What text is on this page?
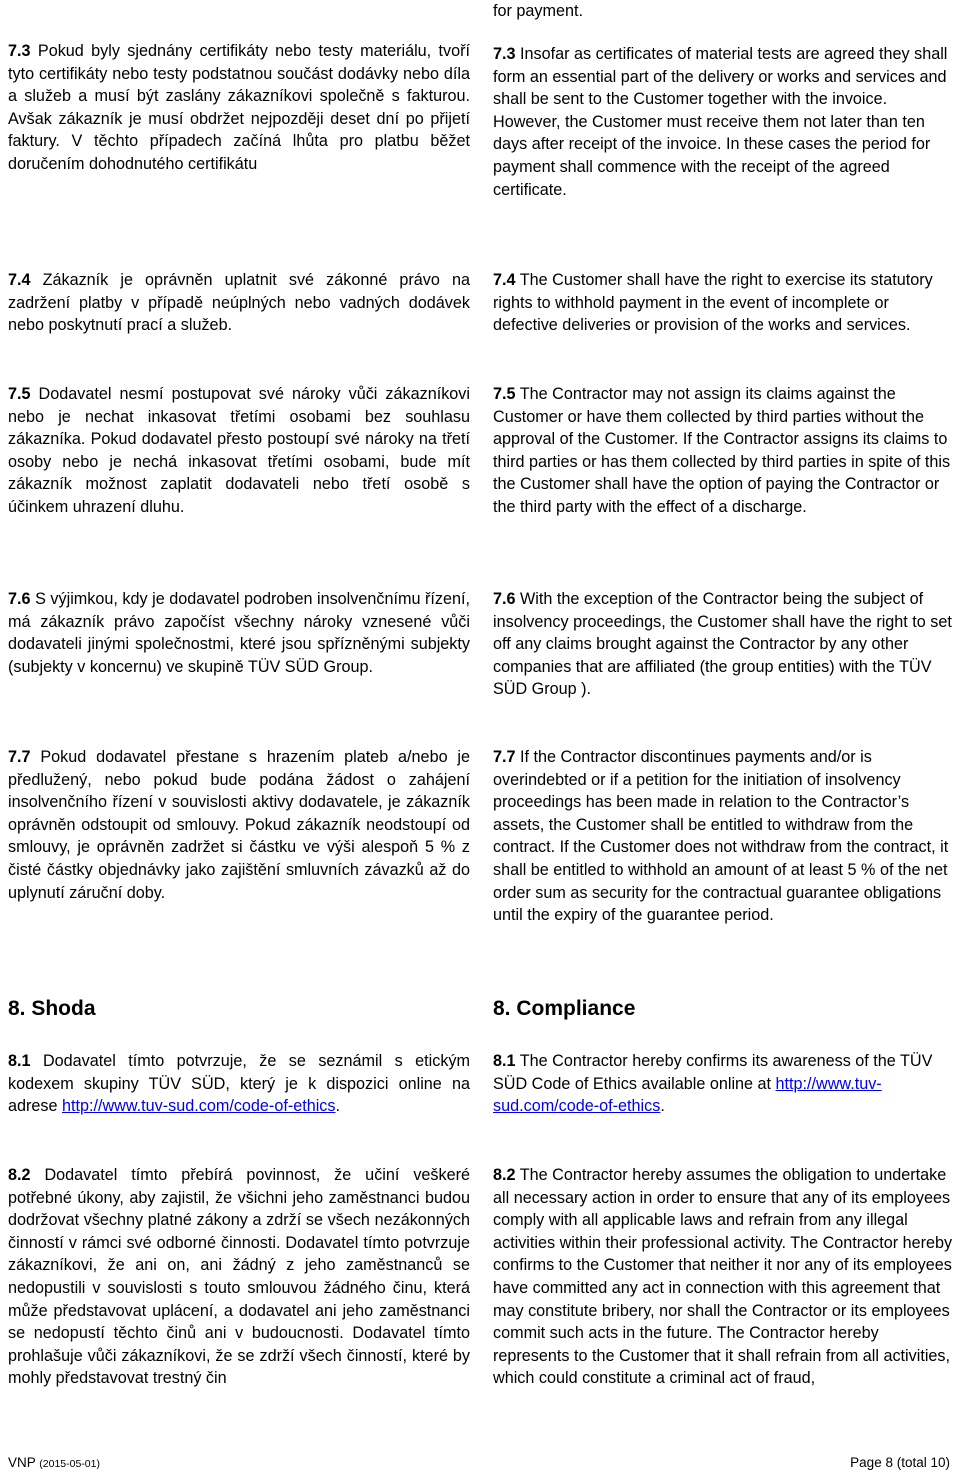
for payment.

7.3 Pokud byly sjednány certifikáty nebo testy materiálu, tvoří tyto certifikáty nebo testy podstatnou součást dodávky nebo díla a služeb a musí být zaslány zákazníkovi společně s fakturou. Avšak zákazník je musí obdržet nejpozději deset dní po přijetí faktury. V těchto případech začíná lhůta pro platbu běžet doručením dohodnutého certifikátu

7.4 Zákazník je oprávněn uplatnit své zákonné právo na zadržení platby v případě neúplných nebo vadných dodávek nebo poskytnutí prací a služeb.

7.5 Dodavatel nesmí postupovat své nároky vůči zákazníkovi nebo je nechat inkasovat třetími osobami bez souhlasu zákazníka. Pokud dodavatel přesto postoupí své nároky na třetí osoby nebo je nechá inkasovat třetími osobami, bude mít zákazník možnost zaplatit dodavateli nebo třetí osobě s účinkem uhrazení dluhu.

7.6 S výjimkou, kdy je dodavatel podroben insolvenčnímu řízení, má zákazník právo započíst všechny nároky vznesené vůči dodavateli jinými společnostmi, které jsou spřízněnými subjekty (subjekty v koncernu) ve skupině TÜV SÜD Group.

7.7 Pokud dodavatel přestane s hrazením plateb a/nebo je předlužený, nebo pokud bude podána žádost o zahájení insolvenčního řízení v souvislosti aktivy dodavatele, je zákazník oprávněn odstoupit od smlouvy. Pokud zákazník neodstoupí od smlouvy, je oprávněn zadržet si částku ve výši alespoň 5 % z čisté částky objednávky jako zajištění smluvních závazků až do uplynutí záruční doby.

8. Shoda

8.1 Dodavatel tímto potvrzuje, že se seznámil s etickým kodexem skupiny TÜV SÜD, který je k dispozici online na adrese http://www.tuv-sud.com/code-of-ethics.

8.2 Dodavatel tímto přebírá povinnost, že učiní veškeré potřebné úkony, aby zajistil, že všichni jeho zaměstnanci budou dodržovat všechny platné zákony a zdrží se všech nezákonných činností v rámci své odborné činnosti. Dodavatel tímto potvrzuje zákazníkovi, že ani on, ani žádný z jeho zaměstnanců se nedopustili v souvislosti s touto smlouvou žádného činu, která může představovat uplácení, a dodavatel ani jeho zaměstnanci se nedopustí těchto činů ani v budoucnosti. Dodavatel tímto prohlašuje vůči zákazníkovi, že se zdrží všech činností, které by mohly představovat trestný čin

7.3 Insofar as certificates of material tests are agreed they shall form an essential part of the delivery or works and services and shall be sent to the Customer together with the invoice. However, the Customer must receive them not later than ten days after receipt of the invoice. In these cases the period for payment shall commence with the receipt of the agreed certificate.

7.4 The Customer shall have the right to exercise its statutory rights to withhold payment in the event of incomplete or defective deliveries or provision of the works and services.

7.5 The Contractor may not assign its claims against the Customer or have them collected by third parties without the approval of the Customer. If the Contractor assigns its claims to third parties or has them collected by third parties in spite of this the Customer shall have the option of paying the Contractor or the third party with the effect of a discharge.

7.6 With the exception of the Contractor being the subject of insolvency proceedings, the Customer shall have the right to set off any claims brought against the Contractor by any other companies that are affiliated (the group entities) with the TÜV SÜD Group ).

7.7 If the Contractor discontinues payments and/or is overindebted or if a petition for the initiation of insolvency proceedings has been made in relation to the Contractor’s assets, the Customer shall be entitled to withdraw from the contract. If the Customer does not withdraw from the contract, it shall be entitled to withhold an amount of at least 5 % of the net order sum as security for the contractual guarantee obligations until the expiry of the guarantee period.

8. Compliance

8.1 The Contractor hereby confirms its awareness of the TÜV SÜD Code of Ethics available online at http://www.tuv-sud.com/code-of-ethics.

8.2 The Contractor hereby assumes the obligation to undertake all necessary action in order to ensure that any of its employees comply with all applicable laws and refrain from any illegal activities within their professional activity. The Contractor hereby confirms to the Customer that neither it nor any of its employees have committed any act in connection with this agreement that may constitute bribery, nor shall the Contractor or its employees commit such acts in the future. The Contractor hereby represents to the Customer that it shall refrain from all activities, which could constitute a criminal act of fraud,

VNP (2015-05-01)	Page 8 (total 10)
